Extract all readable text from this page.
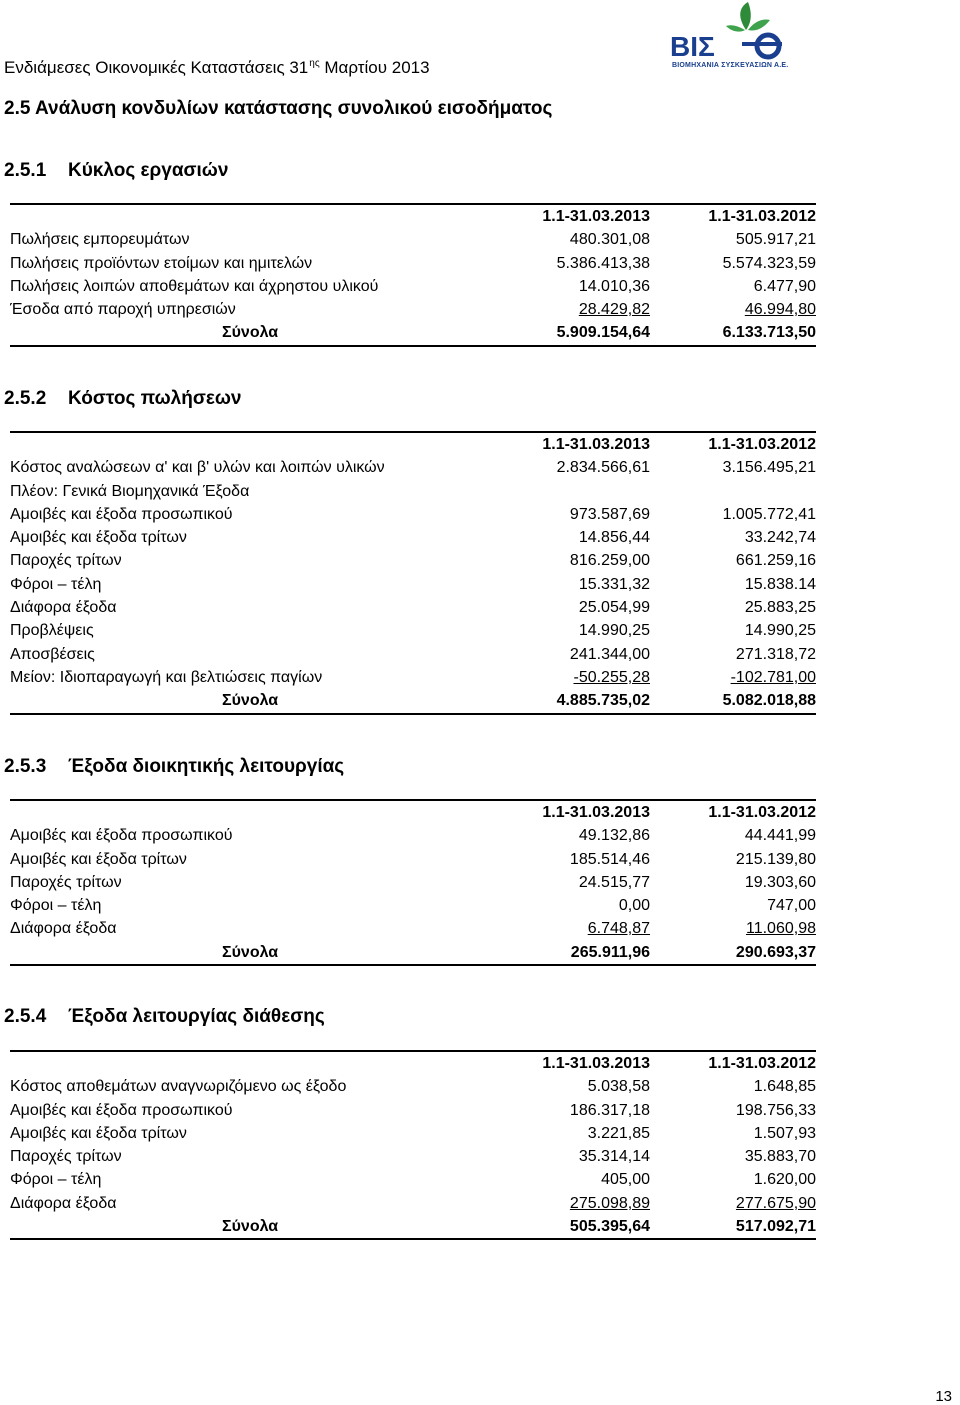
Ενδιάμεσες Οικονομικές Καταστάσεις $31^{\eta\varsigma}$ Μαρτίου 2013
ΒΙΣ
ΒΙΟΜΗΧΑΝΙΑ ΣΥΣΚΕΥΑΣΙΩΝ Α.Ε.
2.5 Ανάλυση κονδυλίων κατάστασης συνολικού εισοδήματος
2.5.1 Κύκλος εργασιών
	1.1-31.03.2013		1.1-31.03.2012
Πωλήσεις εμπορευμάτων	480.301,08		505.917,21
Πωλήσεις προϊόντων ετοίμων και ημιτελών	5.386.413,38		5.574.323,59
Πωλήσεις λοιπών αποθεμάτων και άχρηστου υλικού	14.010,36		6.477,90
Έσοδα από παροχή υπηρεσιών	28.429,82		46.994,80
Σύνολα	5.909.154,64		6.133.713,50
2.5.2 Κόστος πωλήσεων
	1.1-31.03.2013		1.1-31.03.2012
Κόστος αναλώσεων α' και β' υλών και λοιπών υλικών	2.834.566,61		3.156.495,21
Πλέον: Γενικά Βιομηχανικά Έξοδα			
Αμοιβές και έξοδα προσωπικού	973.587,69		1.005.772,41
Αμοιβές και έξοδα τρίτων	14.856,44		33.242,74
Παροχές τρίτων	816.259,00		661.259,16
Φόροι – τέλη	15.331,32		15.838.14
Διάφορα έξοδα	25.054,99		25.883,25
Προβλέψεις	14.990,25		14.990,25
Αποσβέσεις	241.344,00		271.318,72
Μείον: Ιδιοπαραγωγή και βελτιώσεις παγίων	-50.255,28		-102.781,00
Σύνολα	4.885.735,02		5.082.018,88
2.5.3 Έξοδα διοικητικής λειτουργίας
	1.1-31.03.2013		1.1-31.03.2012
Αμοιβές και έξοδα προσωπικού	49.132,86		44.441,99
Αμοιβές και έξοδα τρίτων	185.514,46		215.139,80
Παροχές τρίτων	24.515,77		19.303,60
Φόροι – τέλη	0,00		747,00
Διάφορα έξοδα	6.748,87		11.060,98
Σύνολα	265.911,96		290.693,37
2.5.4 Έξοδα λειτουργίας διάθεσης
	1.1-31.03.2013		1.1-31.03.2012
Κόστος αποθεμάτων αναγνωριζόμενο ως έξοδο	5.038,58		1.648,85
Αμοιβές και έξοδα προσωπικού	186.317,18		198.756,33
Αμοιβές και έξοδα τρίτων	3.221,85		1.507,93
Παροχές τρίτων	35.314,14		35.883,70
Φόροι – τέλη	405,00		1.620,00
Διάφορα έξοδα	275.098,89		277.675,90
Σύνολα	505.395,64		517.092,71
13
